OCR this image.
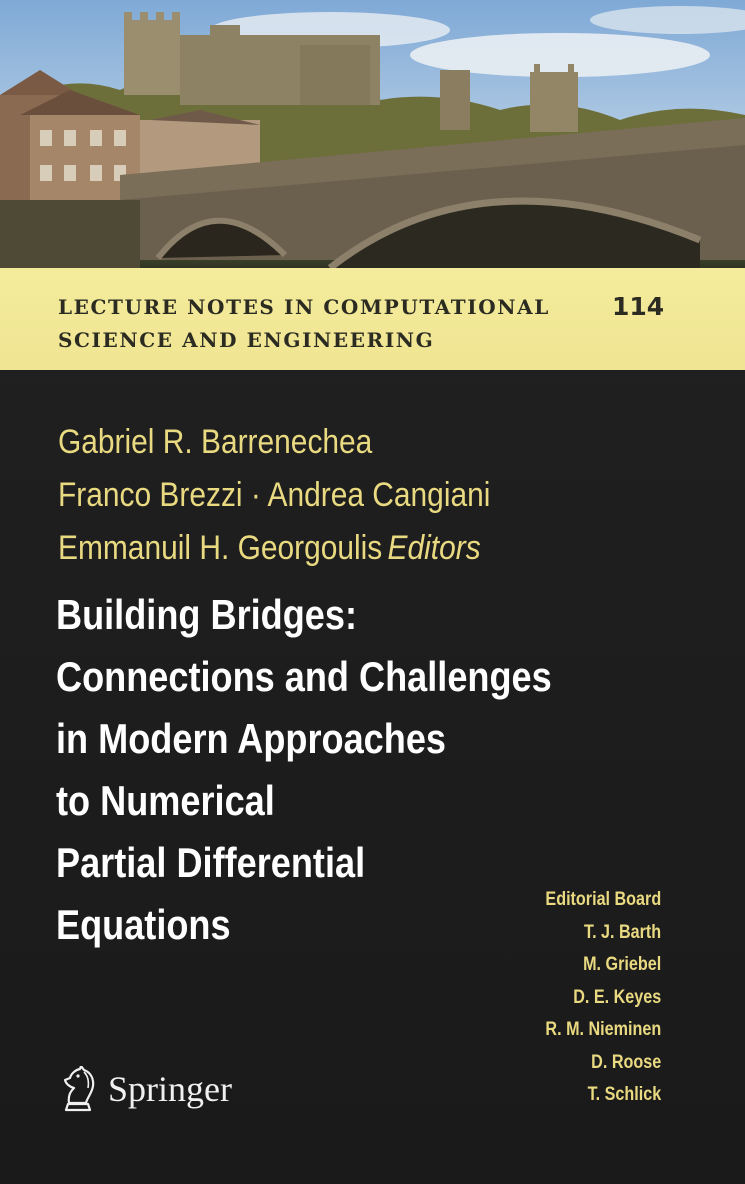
LECTURE NOTES IN COMPUTATIONAL
SCIENCE AND ENGINEERING
114
Gabriel R. Barrenechea
Franco Brezzi · Andrea Cangiani
Emmanuil H. Georgoulis Editors
Building Bridges:
Connections and Challenges
in Modern Approaches
to Numerical
Partial Differential
Equations
Editorial Board
T. J. Barth
M. Griebel
D. E. Keyes
R. M. Nieminen
D. Roose
T. Schlick
Springer
